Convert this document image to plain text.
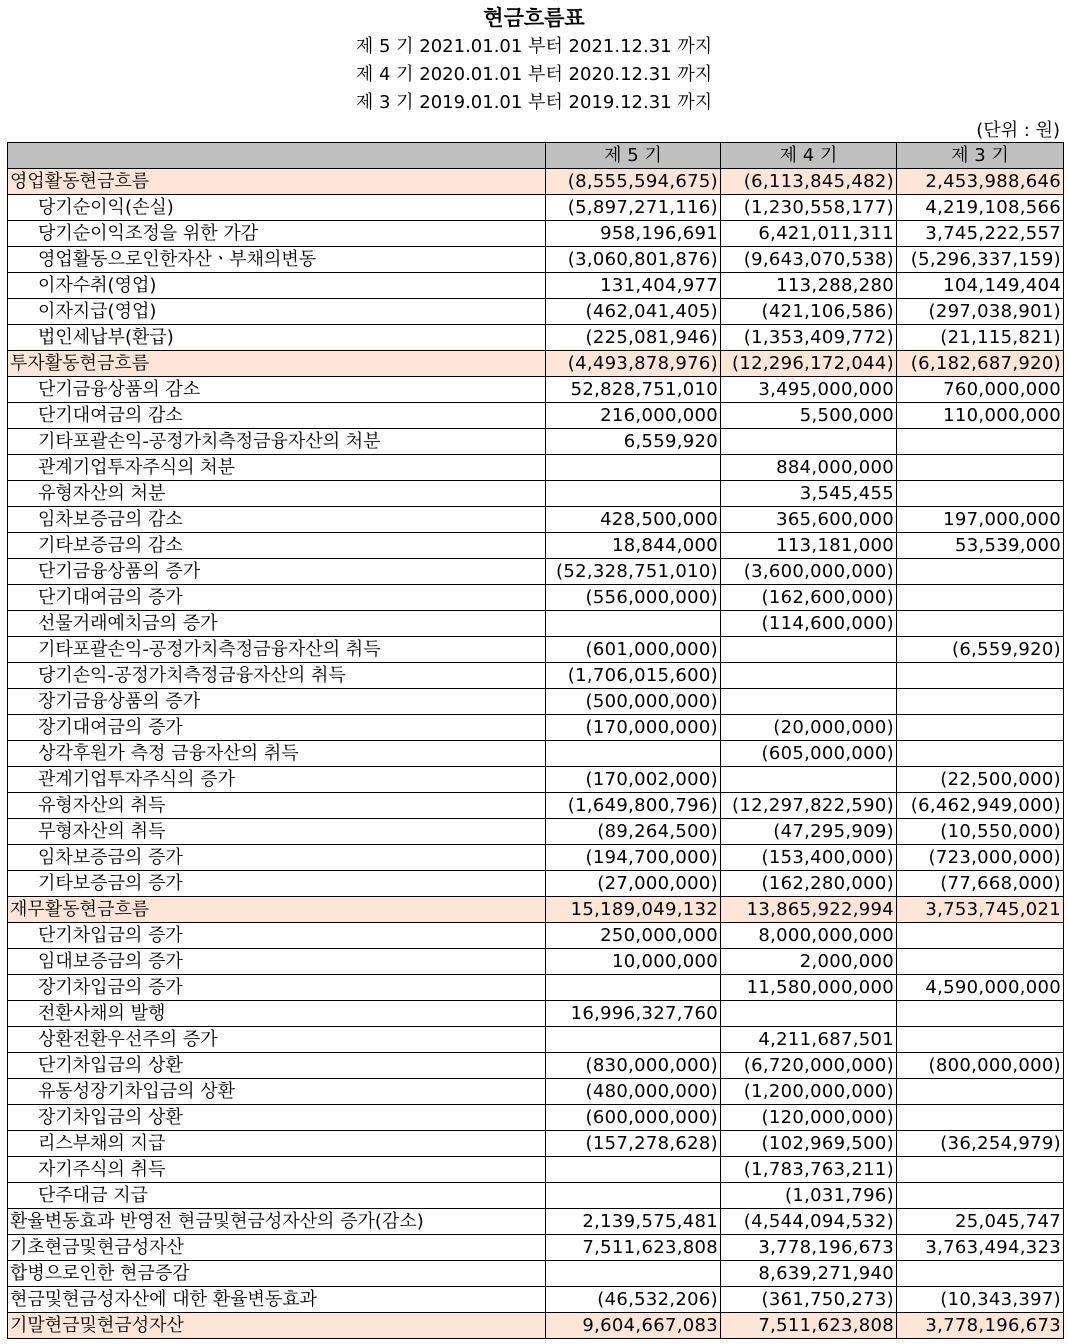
현금흐름표
제 5 기 2021.01.01 부터 2021.12.31 까지
제 4 기 2020.01.01 부터 2020.12.31 까지
제 3 기 2019.01.01 부터 2019.12.31 까지
(단위 : 원)
	제 5 기	제 4 기	제 3 기
영업활동현금흐름	(8,555,594,675)	(6,113,845,482)	2,453,988,646
당기순이익(손실)	(5,897,271,116)	(1,230,558,177)	4,219,108,566
당기순이익조정을 위한 가감	958,196,691	6,421,011,311	3,745,222,557
영업활동으로인한자산ㆍ부채의변동	(3,060,801,876)	(9,643,070,538)	(5,296,337,159)
이자수취(영업)	131,404,977	113,288,280	104,149,404
이자지급(영업)	(462,041,405)	(421,106,586)	(297,038,901)
법인세납부(환급)	(225,081,946)	(1,353,409,772)	(21,115,821)
투자활동현금흐름	(4,493,878,976)	(12,296,172,044)	(6,182,687,920)
단기금융상품의 감소	52,828,751,010	3,495,000,000	760,000,000
단기대여금의 감소	216,000,000	5,500,000	110,000,000
기타포괄손익-공정가치측정금융자산의 처분	6,559,920		
관계기업투자주식의 처분		884,000,000	
유형자산의 처분		3,545,455	
임차보증금의 감소	428,500,000	365,600,000	197,000,000
기타보증금의 감소	18,844,000	113,181,000	53,539,000
단기금융상품의 증가	(52,328,751,010)	(3,600,000,000)	
단기대여금의 증가	(556,000,000)	(162,600,000)	
선물거래예치금의 증가		(114,600,000)	
기타포괄손익-공정가치측정금융자산의 취득	(601,000,000)		(6,559,920)
당기손익-공정가치측정금융자산의 취득	(1,706,015,600)		
장기금융상품의 증가	(500,000,000)		
장기대여금의 증가	(170,000,000)	(20,000,000)	
상각후원가 측정 금융자산의 취득		(605,000,000)	
관계기업투자주식의 증가	(170,002,000)		(22,500,000)
유형자산의 취득	(1,649,800,796)	(12,297,822,590)	(6,462,949,000)
무형자산의 취득	(89,264,500)	(47,295,909)	(10,550,000)
임차보증금의 증가	(194,700,000)	(153,400,000)	(723,000,000)
기타보증금의 증가	(27,000,000)	(162,280,000)	(77,668,000)
재무활동현금흐름	15,189,049,132	13,865,922,994	3,753,745,021
단기차입금의 증가	250,000,000	8,000,000,000	
임대보증금의 증가	10,000,000	2,000,000	
장기차입금의 증가		11,580,000,000	4,590,000,000
전환사채의 발행	16,996,327,760		
상환전환우선주의 증가		4,211,687,501	
단기차입금의 상환	(830,000,000)	(6,720,000,000)	(800,000,000)
유동성장기차입금의 상환	(480,000,000)	(1,200,000,000)	
장기차입금의 상환	(600,000,000)	(120,000,000)	
리스부채의 지급	(157,278,628)	(102,969,500)	(36,254,979)
자기주식의 취득		(1,783,763,211)	
단주대금 지급		(1,031,796)	
환율변동효과 반영전 현금및현금성자산의 증가(감소)	2,139,575,481	(4,544,094,532)	25,045,747
기초현금및현금성자산	7,511,623,808	3,778,196,673	3,763,494,323
합병으로인한 현금증감		8,639,271,940	
현금및현금성자산에 대한 환율변동효과	(46,532,206)	(361,750,273)	(10,343,397)
기말현금및현금성자산	9,604,667,083	7,511,623,808	3,778,196,673
